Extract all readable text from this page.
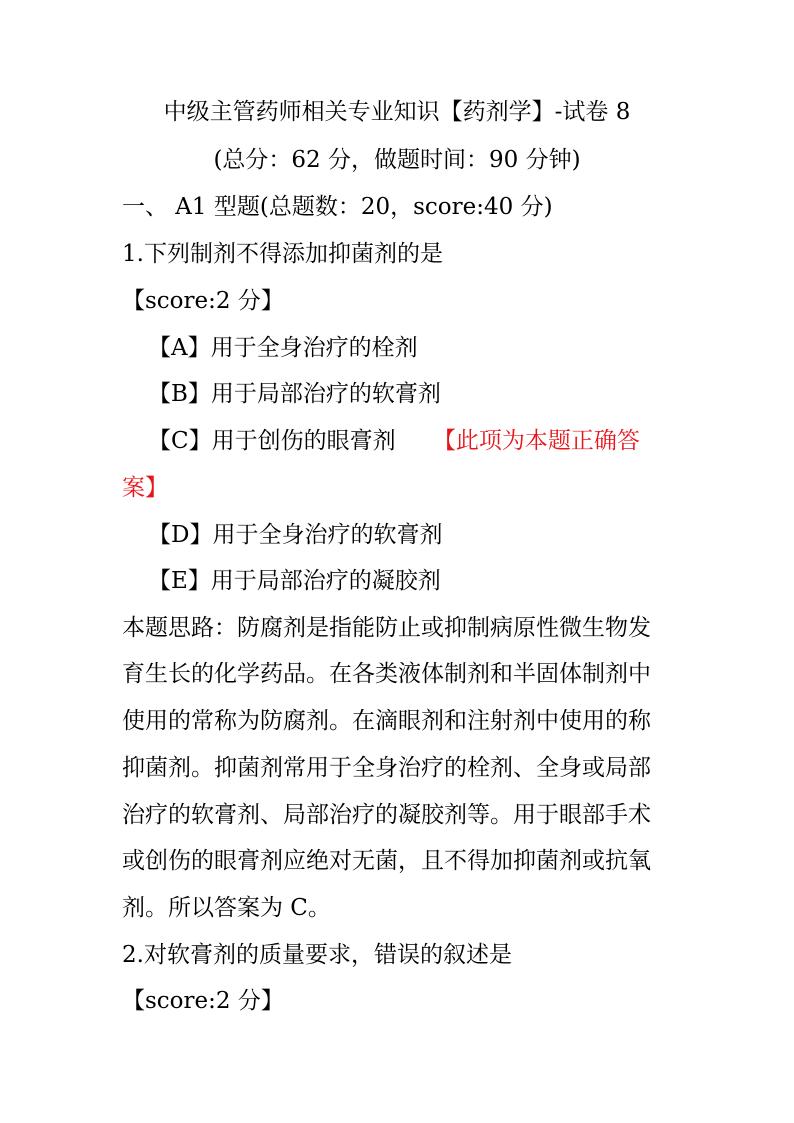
中级主管药师相关专业知识【药剂学】-试卷 8
(总分：62 分，做题时间：90 分钟)
一、 A1 型题(总题数：20，score:40 分)
1.下列制剂不得添加抑菌剂的是
【score:2 分】
【A】用于全身治疗的栓剂
【B】用于局部治疗的软膏剂
【C】用于创伤的眼膏剂 【此项为本题正确答
案】
【D】用于全身治疗的软膏剂
【E】用于局部治疗的凝胶剂
本题思路：防腐剂是指能防止或抑制病原性微生物发
育生长的化学药品。在各类液体制剂和半固体制剂中
使用的常称为防腐剂。在滴眼剂和注射剂中使用的称
抑菌剂。抑菌剂常用于全身治疗的栓剂、全身或局部
治疗的软膏剂、局部治疗的凝胶剂等。用于眼部手术
或创伤的眼膏剂应绝对无菌，且不得加抑菌剂或抗氧
剂。所以答案为 C。
2.对软膏剂的质量要求，错误的叙述是
【score:2 分】
